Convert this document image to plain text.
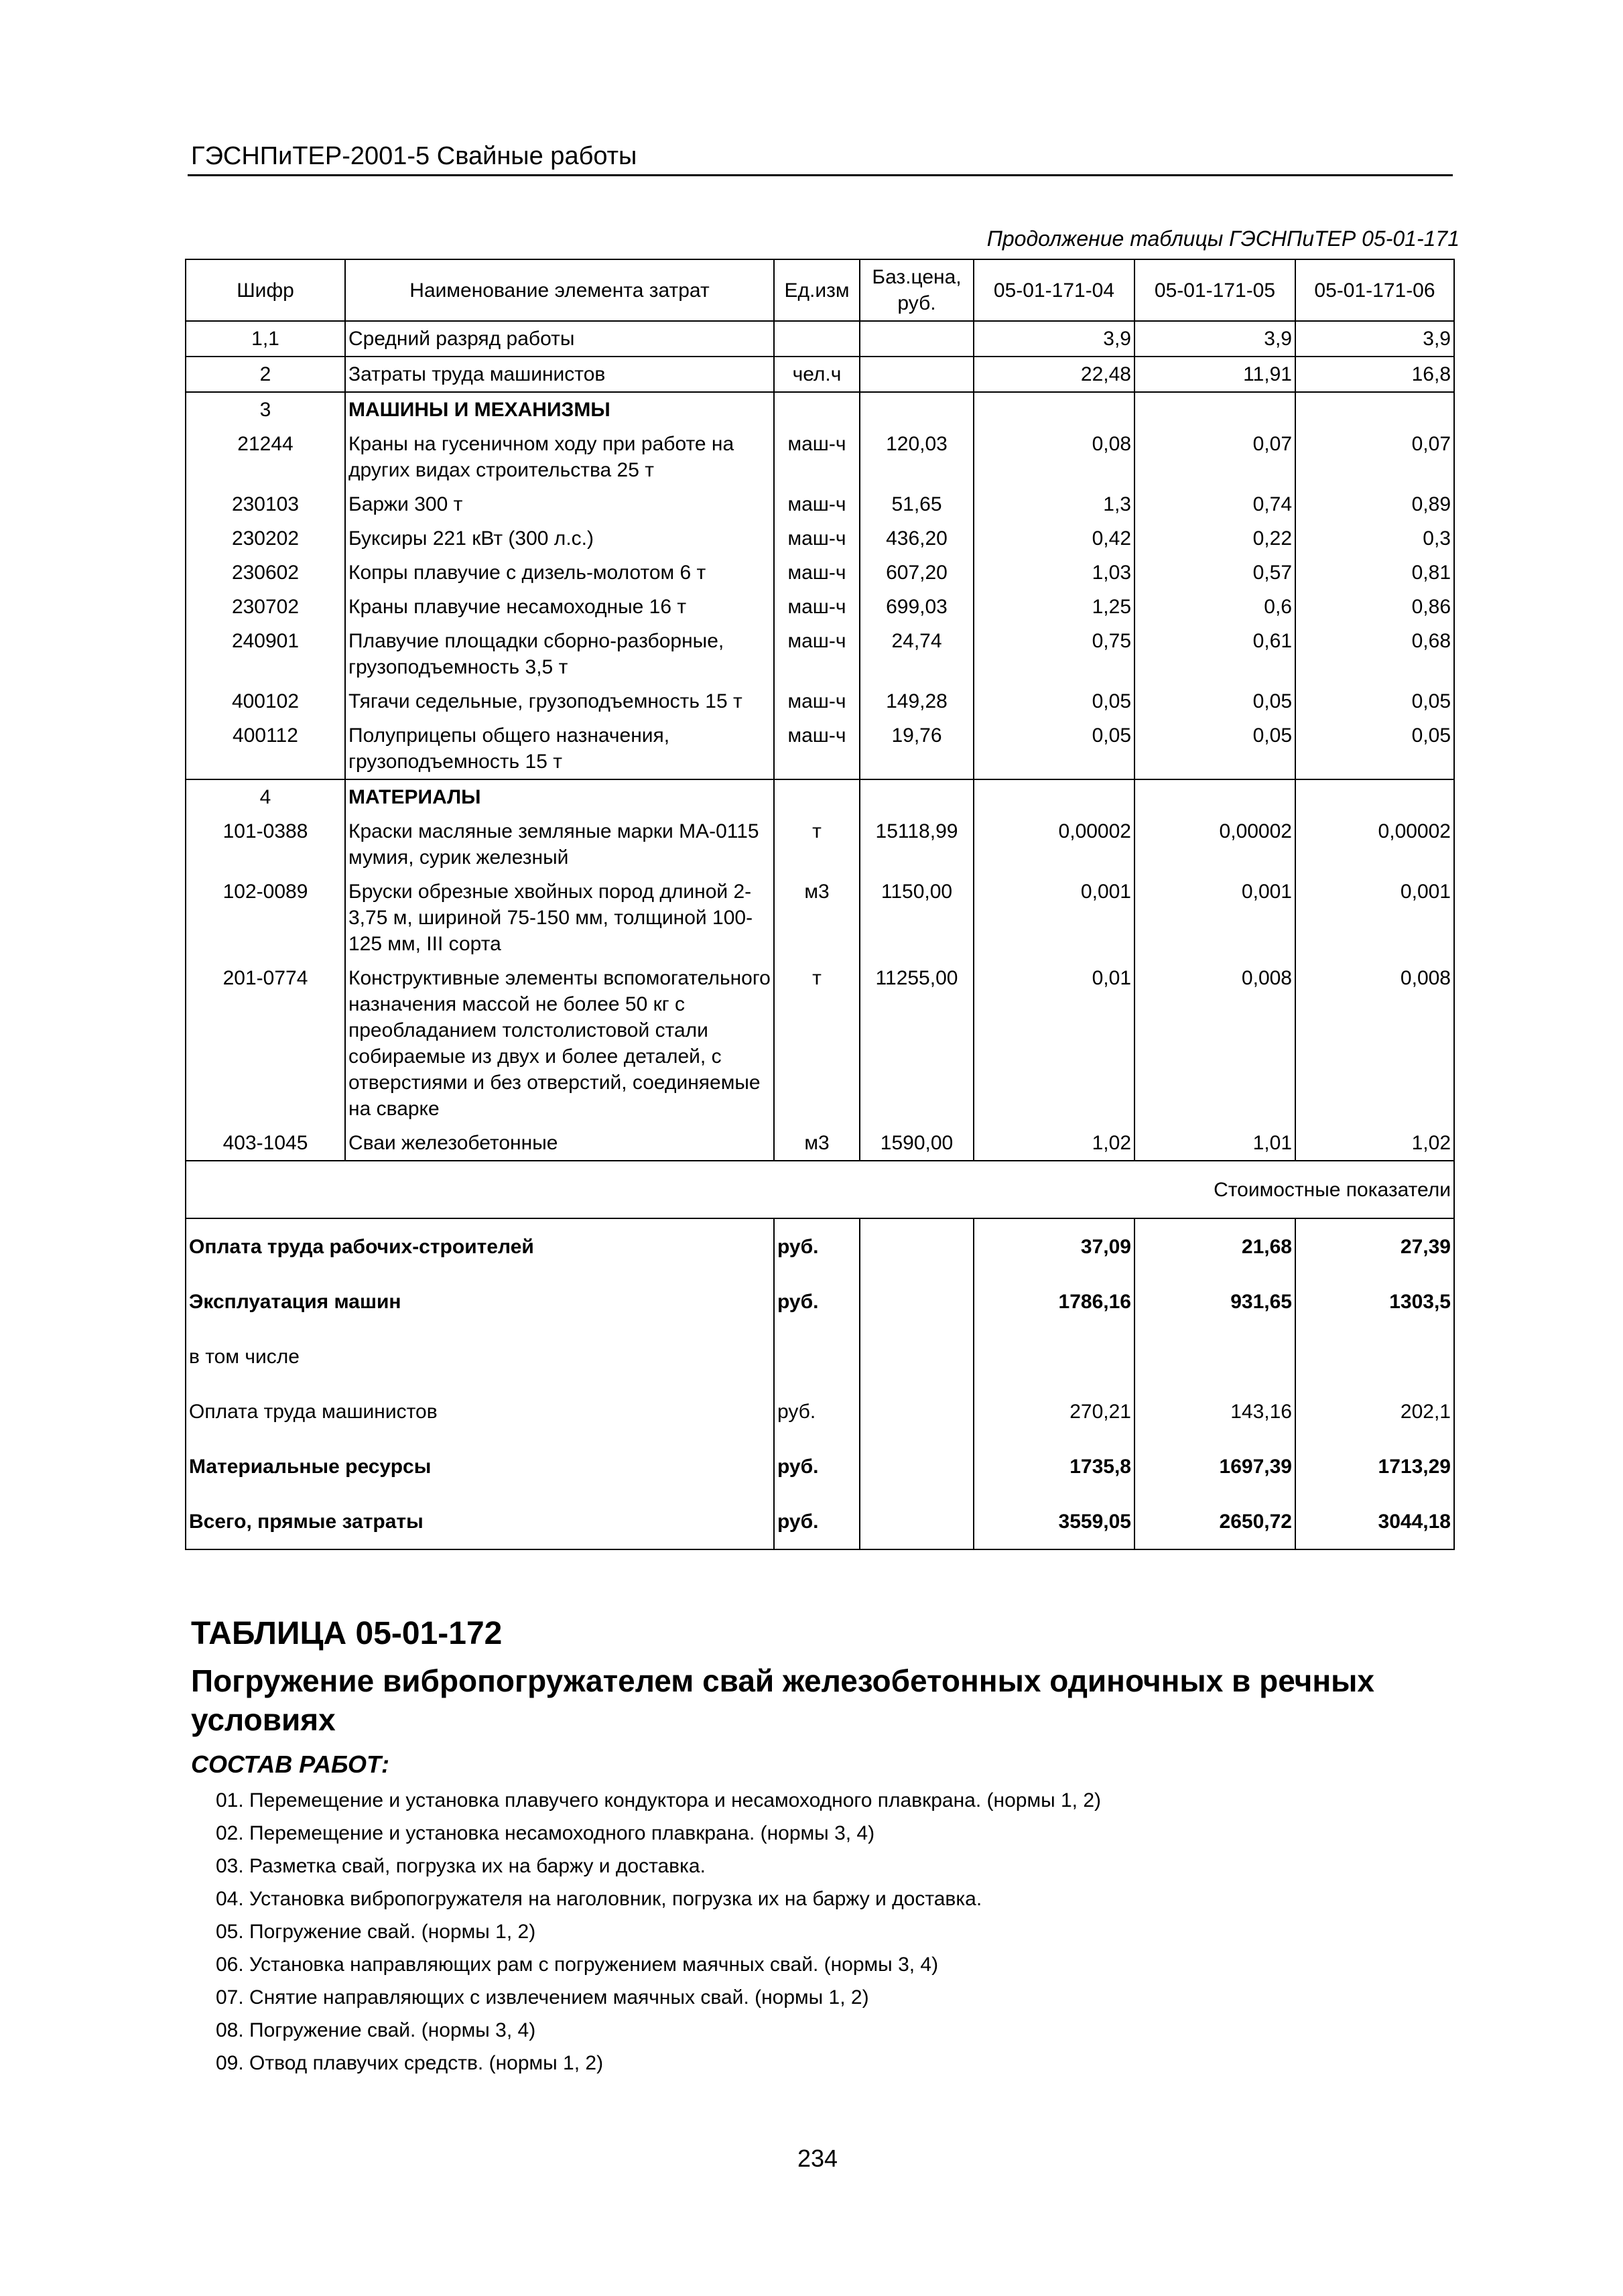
ГЭСНПиТЕР-2001-5 Свайные работы
Продолжение таблицы ГЭСНПиТЕР 05-01-171
Шифр	Наименование элемента затрат	Ед.изм	Баз.цена, руб.	05-01-171-04	05-01-171-05	05-01-171-06
1,1	Средний разряд работы			3,9	3,9	3,9
2	Затраты труда машинистов	чел.ч		22,48	11,91	16,8
3	МАШИНЫ И МЕХАНИЗМЫ					
21244	Краны на гусеничном ходу при работе на других видах строительства 25 т	маш-ч	120,03	0,08	0,07	0,07
230103	Баржи 300 т	маш-ч	51,65	1,3	0,74	0,89
230202	Буксиры 221 кВт (300 л.с.)	маш-ч	436,20	0,42	0,22	0,3
230602	Копры плавучие с дизель-молотом 6 т	маш-ч	607,20	1,03	0,57	0,81
230702	Краны плавучие несамоходные 16 т	маш-ч	699,03	1,25	0,6	0,86
240901	Плавучие площадки сборно-разборные, грузоподъемность 3,5 т	маш-ч	24,74	0,75	0,61	0,68
400102	Тягачи седельные, грузоподъемность 15 т	маш-ч	149,28	0,05	0,05	0,05
400112	Полуприцепы общего назначения, грузоподъемность 15 т	маш-ч	19,76	0,05	0,05	0,05
4	МАТЕРИАЛЫ					
101-0388	Краски масляные земляные марки МА-0115 мумия, сурик железный	т	15118,99	0,00002	0,00002	0,00002
102-0089	Бруски обрезные хвойных пород длиной 2-3,75 м, шириной 75-150 мм, толщиной 100-125 мм, III сорта	м3	1150,00	0,001	0,001	0,001
201-0774	Конструктивные элементы вспомогательного назначения массой не более 50 кг с преобладанием толстолистовой стали собираемые из двух и более деталей, с отверстиями и без отверстий, соединяемые на сварке	т	11255,00	0,01	0,008	0,008
403-1045	Сваи железобетонные	м3	1590,00	1,02	1,01	1,02
Стоимостные показатели						
Оплата труда рабочих-строителей		руб.		37,09	21,68	27,39
Эксплуатация машин		руб.		1786,16	931,65	1303,5
в том числе						
Оплата труда машинистов		руб.		270,21	143,16	202,1
Материальные ресурсы		руб.		1735,8	1697,39	1713,29
Всего, прямые затраты		руб.		3559,05	2650,72	3044,18
ТАБЛИЦА 05-01-172
Погружение вибропогружателем свай железобетонных одиночных в речных условиях
СОСТАВ РАБОТ:
01. Перемещение и установка плавучего кондуктора и несамоходного плавкрана. (нормы 1, 2)
02. Перемещение и установка несамоходного плавкрана. (нормы 3, 4)
03. Разметка свай, погрузка их на баржу и доставка.
04. Установка вибропогружателя на наголовник, погрузка их на баржу и доставка.
05. Погружение свай. (нормы 1, 2)
06. Установка направляющих рам с погружением маячных свай. (нормы 3, 4)
07. Снятие направляющих с извлечением маячных свай. (нормы 1, 2)
08. Погружение свай. (нормы 3, 4)
09. Отвод плавучих средств. (нормы 1, 2)
234
